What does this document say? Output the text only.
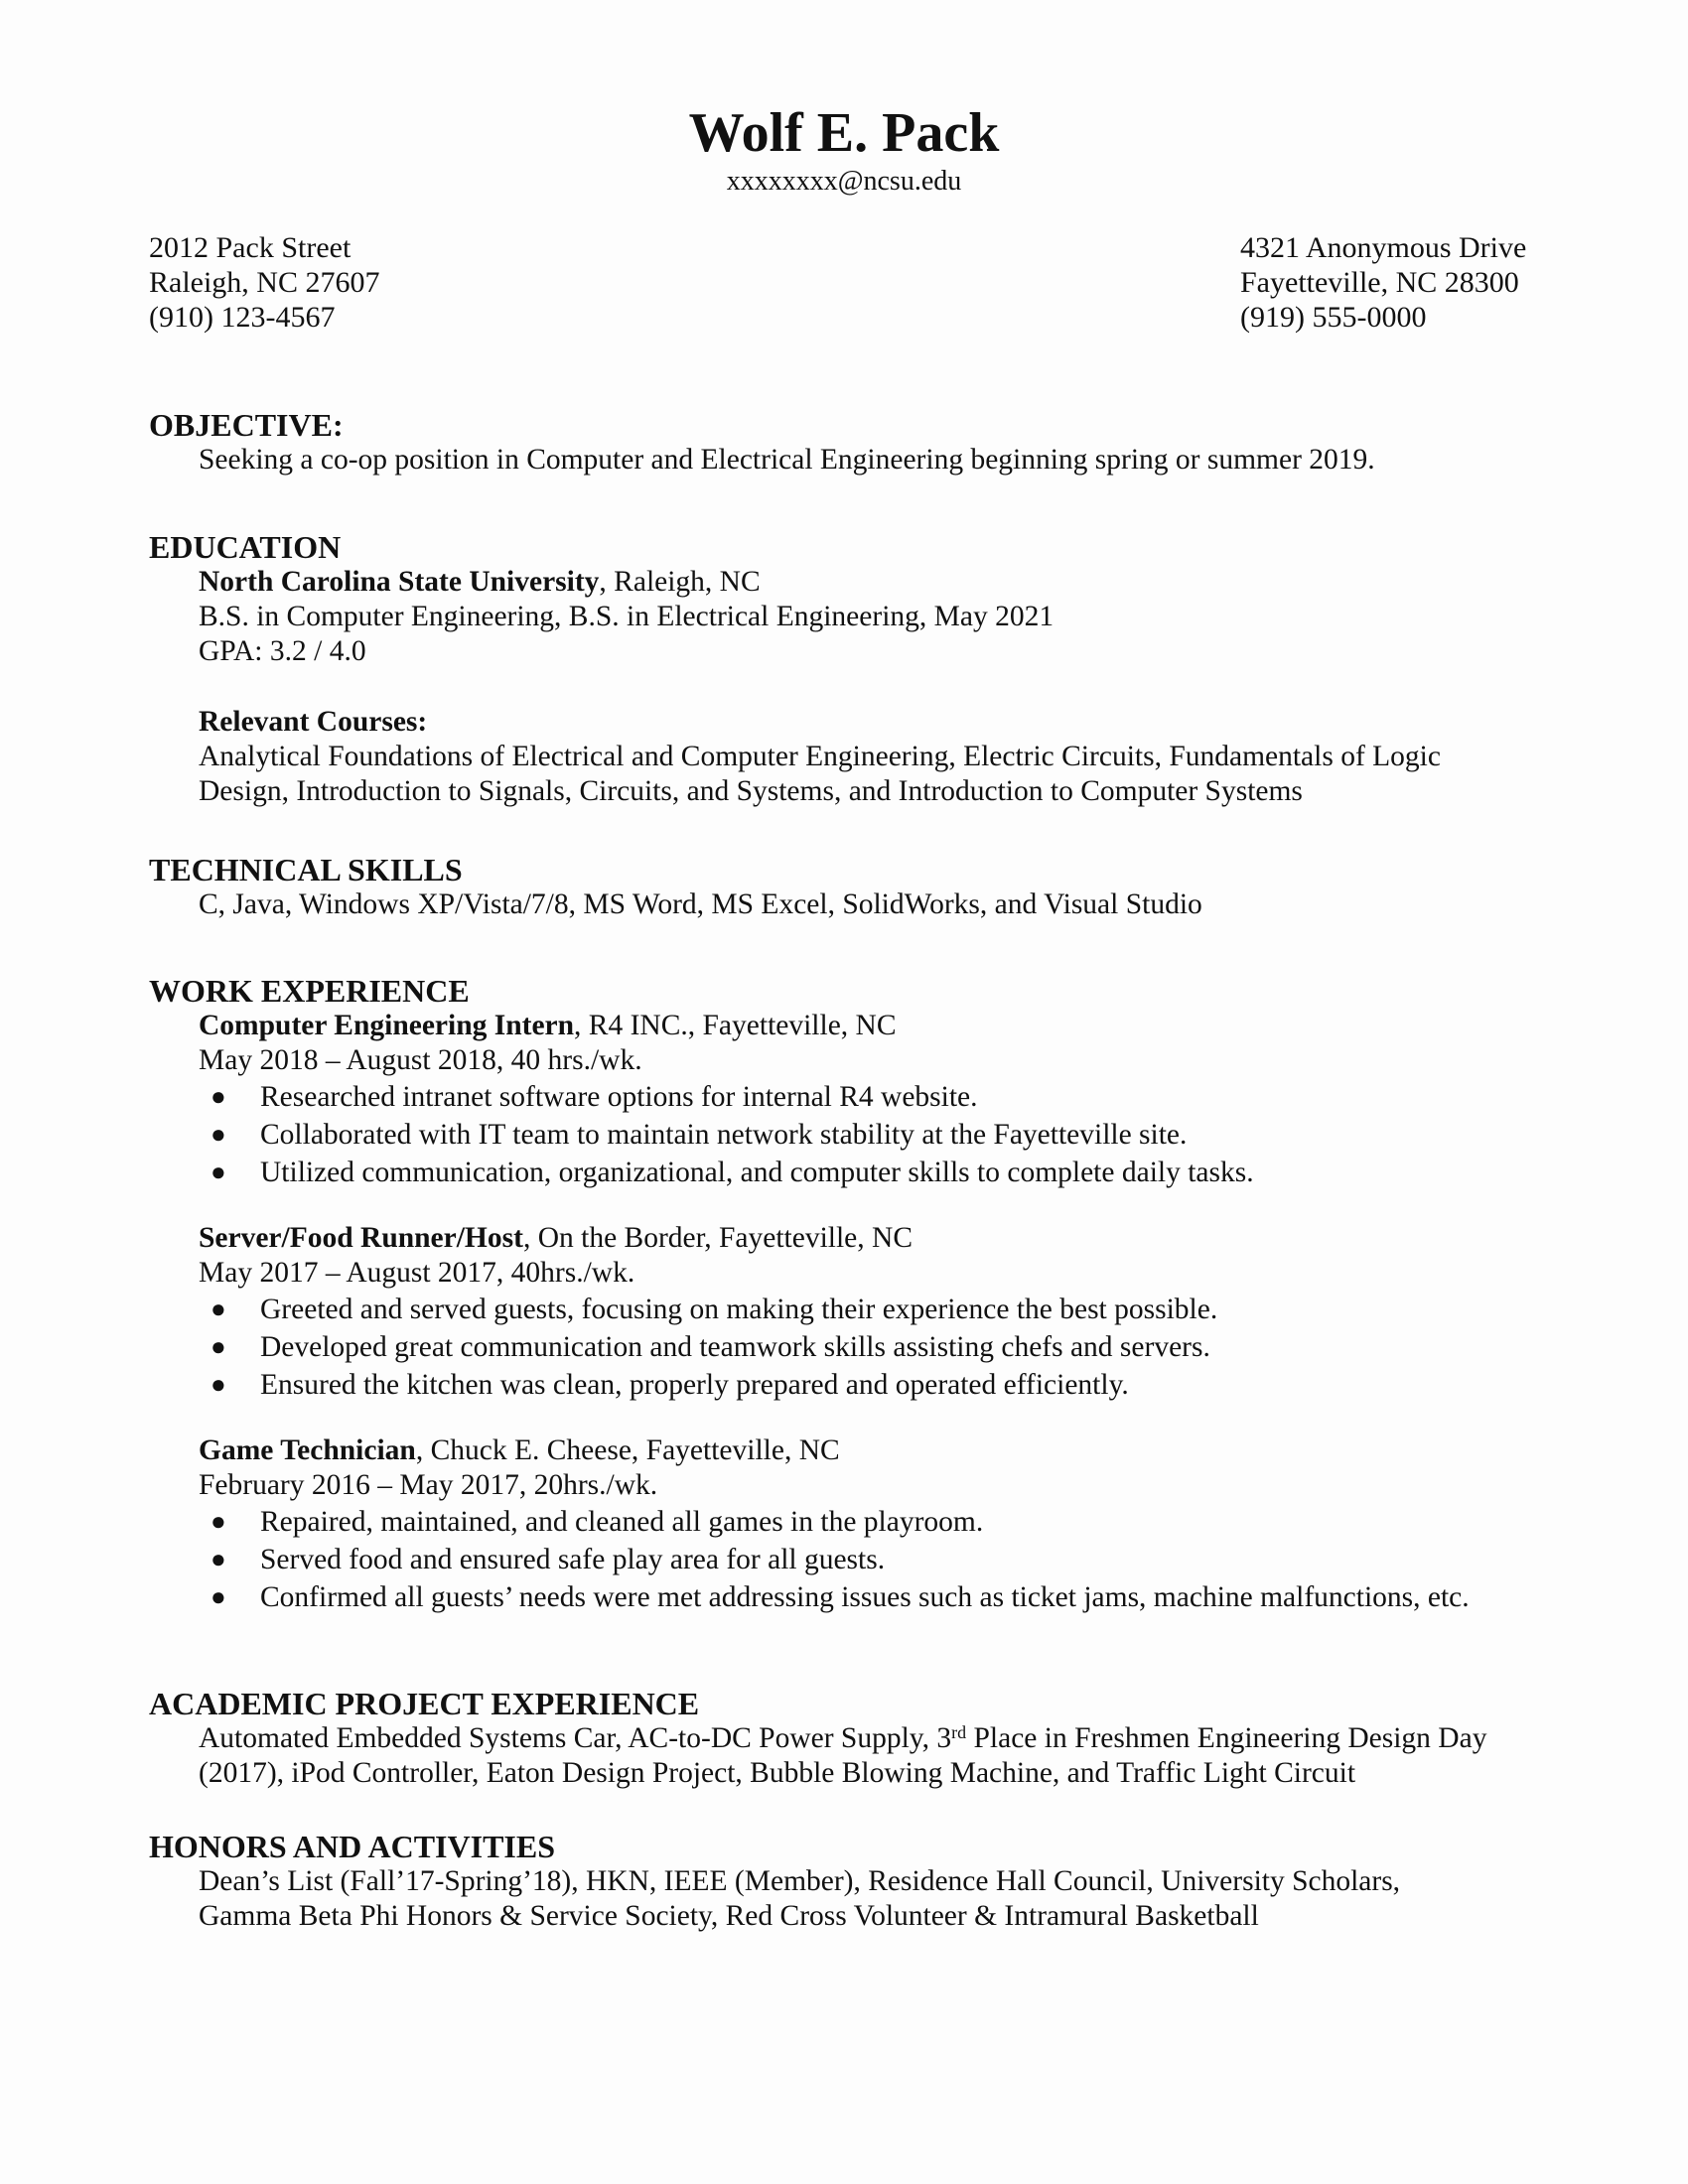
Wolf E. Pack
xxxxxxxx@ncsu.edu
2012 Pack Street
Raleigh, NC 27607
(910) 123-4567
4321 Anonymous Drive
Fayetteville, NC 28300
(919) 555-0000
OBJECTIVE:
Seeking a co-op position in Computer and Electrical Engineering beginning spring or summer 2019.
EDUCATION
North Carolina State University, Raleigh, NC
B.S. in Computer Engineering, B.S. in Electrical Engineering, May 2021
GPA: 3.2 / 4.0
Relevant Courses:
Analytical Foundations of Electrical and Computer Engineering, Electric Circuits, Fundamentals of Logic
Design, Introduction to Signals, Circuits, and Systems, and Introduction to Computer Systems
TECHNICAL SKILLS
C, Java, Windows XP/Vista/7/8, MS Word, MS Excel, SolidWorks, and Visual Studio
WORK EXPERIENCE
Computer Engineering Intern, R4 INC., Fayetteville, NC
May 2018 – August 2018, 40 hrs./wk.
● Researched intranet software options for internal R4 website.
● Collaborated with IT team to maintain network stability at the Fayetteville site.
● Utilized communication, organizational, and computer skills to complete daily tasks.
Server/Food Runner/Host, On the Border, Fayetteville, NC
May 2017 – August 2017, 40hrs./wk.
● Greeted and served guests, focusing on making their experience the best possible.
● Developed great communication and teamwork skills assisting chefs and servers.
● Ensured the kitchen was clean, properly prepared and operated efficiently.
Game Technician, Chuck E. Cheese, Fayetteville, NC
February 2016 – May 2017, 20hrs./wk.
● Repaired, maintained, and cleaned all games in the playroom.
● Served food and ensured safe play area for all guests.
● Confirmed all guests’ needs were met addressing issues such as ticket jams, machine malfunctions, etc.
ACADEMIC PROJECT EXPERIENCE
Automated Embedded Systems Car, AC-to-DC Power Supply, 3rd Place in Freshmen Engineering Design Day
(2017), iPod Controller, Eaton Design Project, Bubble Blowing Machine, and Traffic Light Circuit
HONORS AND ACTIVITIES
Dean’s List (Fall’17-Spring’18), HKN, IEEE (Member), Residence Hall Council, University Scholars,
Gamma Beta Phi Honors & Service Society, Red Cross Volunteer & Intramural Basketball
